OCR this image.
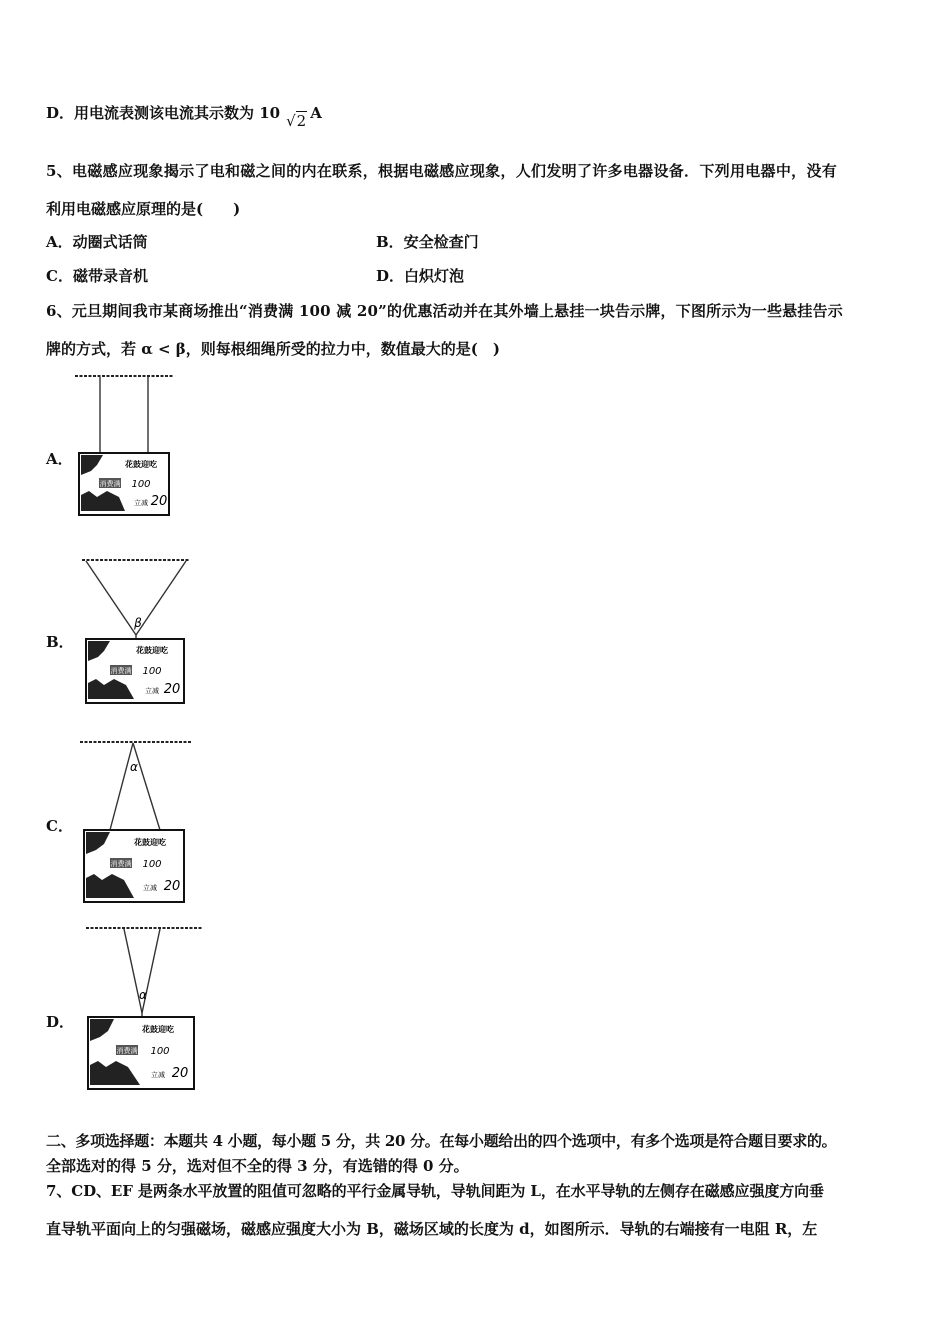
D．用电流表测该电流其示数为 10 √2 A
5、电磁感应现象揭示了电和磁之间的内在联系，根据电磁感应现象，人们发明了许多电器设备．下列用电器中，没有
利用电磁感应原理的是(　　)
A．动圈式话筒	B．安全检查门
C．磁带录音机	D．白炽灯泡
6、元旦期间我市某商场推出“消费满 100 减 20”的优惠活动并在其外墙上悬挂一块告示牌，下图所示为一些悬挂告示
牌的方式，若 α < β，则每根细绳所受的拉力中，数值最大的是(　)
A．	花鼓迎吃
消费满 100
立减 20
B．
β
花鼓迎吃
消费满 100
立减 20
C．
α
花鼓迎吃
消费满 100
立减 20
D．
α
花鼓迎吃
消费满 100
立减 20
二、多项选择题：本题共 4 小题，每小题 5 分，共 20 分。在每小题给出的四个选项中，有多个选项是符合题目要求的。
全部选对的得 5 分，选对但不全的得 3 分，有选错的得 0 分。
7、CD、EF 是两条水平放置的阻值可忽略的平行金属导轨，导轨间距为 L，在水平导轨的左侧存在磁感应强度方向垂
直导轨平面向上的匀强磁场，磁感应强度大小为 B，磁场区域的长度为 d，如图所示．导轨的右端接有一电阻 R，左
